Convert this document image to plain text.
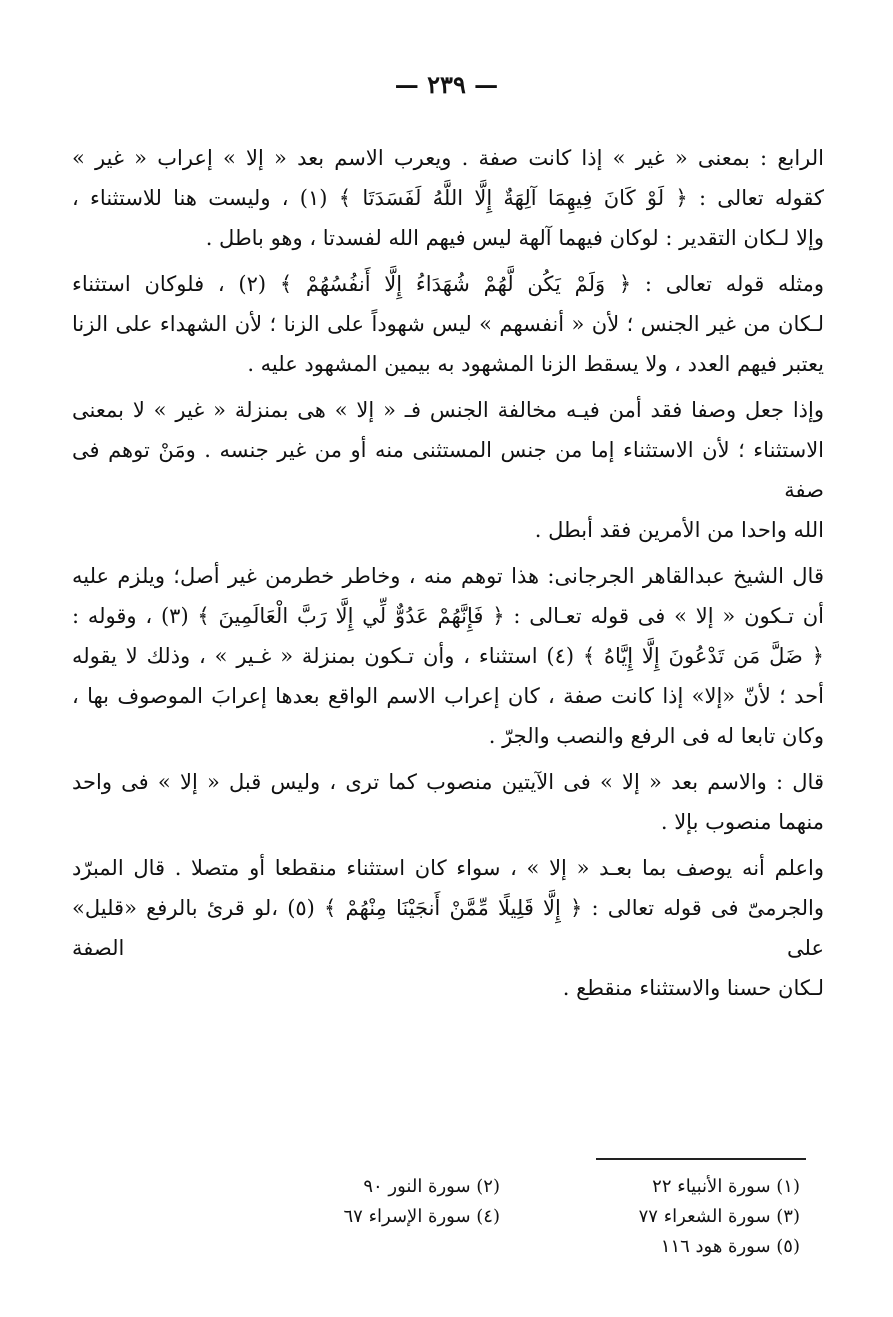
— ٢٣٩ —

الرابع : بمعنى « غير » إذا كانت صفة . ويعرب الاسم بعد « إلا » إعراب « غير »
كقوله تعالى : ﴿ لَوْ كَانَ فِيهِمَا آلِهَةٌ إِلَّا اللَّهُ لَفَسَدَتَا ﴾ (١) ، وليست هنا للاستثناء ،
وإلا لـكان التقدير : لوكان فيهما آلهة ليس فيهم الله لفسدتا ، وهو باطل .

ومثله قوله تعالى : ﴿ وَلَمْ يَكُن لَّهُمْ شُهَدَاءُ إِلَّا أَنفُسُهُمْ ﴾ (٢) ، فلوكان استثناء
لـكان من غير الجنس ؛ لأن « أنفسهم » ليس شهوداً على الزنا ؛ لأن الشهداء على الزنا
يعتبر فيهم العدد ، ولا يسقط الزنا المشهود به بيمين المشهود عليه .

وإذا جعل وصفا فقد أمن فيـه مخالفة الجنس فـ « إلا » هى بمنزلة « غير » لا بمعنى
الاستثناء ؛ لأن الاستثناء إما من جنس المستثنى منه أو من غير جنسه . ومَنْ توهم فى صفة
الله واحدا من الأمرين فقد أبطل .

قال الشيخ عبدالقاهر الجرجانى: هذا توهم منه ، وخاطر خطرمن غير أصل؛ ويلزم عليه
أن تـكون « إلا » فى قوله تعـالى : ﴿ فَإِنَّهُمْ عَدُوٌّ لِّي إِلَّا رَبَّ الْعَالَمِينَ ﴾ (٣) ، وقوله :
﴿ ضَلَّ مَن تَدْعُونَ إِلَّا إِيَّاهُ ﴾ (٤) استثناء ، وأن تـكون بمنزلة « غـير » ، وذلك لا يقوله
أحد ؛ لأنّ «إلا» إذا كانت صفة ، كان إعراب الاسم الواقع بعدها إعرابَ الموصوف بها ،
وكان تابعا له فى الرفع والنصب والجرّ .

قال : والاسم بعد « إلا » فى الآيتين منصوب كما ترى ، وليس قبل « إلا » فى واحد
منهما منصوب بإلا .

واعلم أنه يوصف بما بعـد « إلا » ، سواء كان استثناء منقطعا أو متصلا . قال المبرّد
والجرمىّ فى قوله تعالى : ﴿ إِلَّا قَلِيلًا مِّمَّنْ أَنجَيْنَا مِنْهُمْ ﴾ (٥) ،لو قرئ بالرفع «قليل» على الصفة
لـكان حسنا والاستثناء منقطع .

(١) سورة الأنبياء ٢٢
(٢) سورة النور ٩٠
(٣) سورة الشعراء ٧٧
(٤) سورة الإسراء ٦٧
(٥) سورة هود ١١٦
